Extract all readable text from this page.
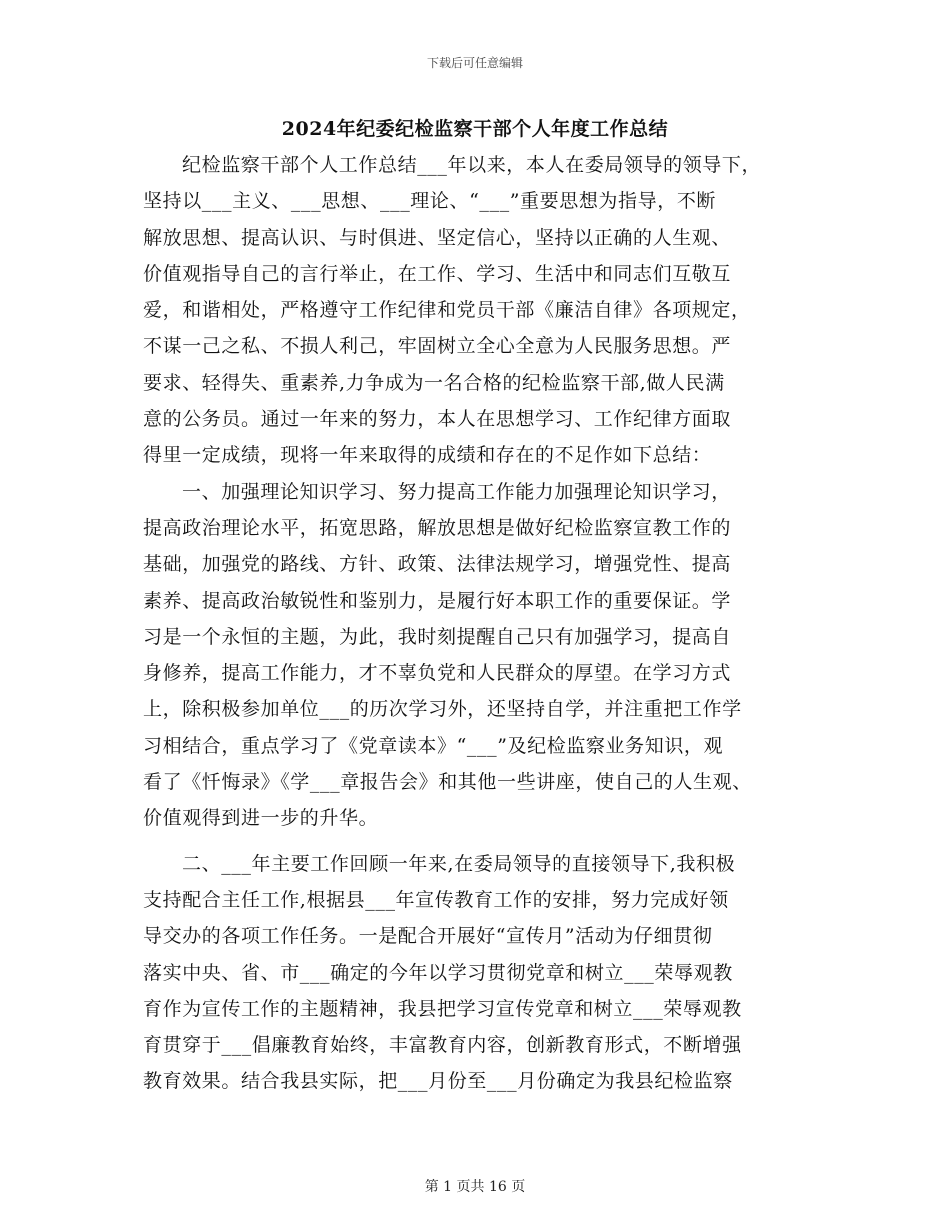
下载后可任意编辑
2024年纪委纪检监察干部个人年度工作总结
纪检监察干部个人工作总结___年以来，本人在委局领导的领导下，
坚持以___主义、___思想、___理论、“___”重要思想为指导，不断
解放思想、提高认识、与时俱进、坚定信心，坚持以正确的人生观、
价值观指导自己的言行举止，在工作、学习、生活中和同志们互敬互
爱，和谐相处，严格遵守工作纪律和党员干部《廉洁自律》各项规定，
不谋一己之私、不损人利己，牢固树立全心全意为人民服务思想。严
要求、轻得失、重素养,力争成为一名合格的纪检监察干部,做人民满
意的公务员。通过一年来的努力，本人在思想学习、工作纪律方面取
得里一定成绩，现将一年来取得的成绩和存在的不足作如下总结：
一、加强理论知识学习、努力提高工作能力加强理论知识学习，
提高政治理论水平，拓宽思路，解放思想是做好纪检监察宣教工作的
基础，加强党的路线、方针、政策、法律法规学习，增强党性、提高
素养、提高政治敏锐性和鉴别力，是履行好本职工作的重要保证。学
习是一个永恒的主题，为此，我时刻提醒自己只有加强学习，提高自
身修养，提高工作能力，才不辜负党和人民群众的厚望。在学习方式
上，除积极参加单位___的历次学习外，还坚持自学，并注重把工作学
习相结合，重点学习了《党章读本》“___”及纪检监察业务知识，观
看了《忏悔录》《学___章报告会》和其他一些讲座，使自己的人生观、
价值观得到进一步的升华。
二、___年主要工作回顾一年来,在委局领导的直接领导下,我积极
支持配合主任工作,根据县___年宣传教育工作的安排，努力完成好领
导交办的各项工作任务。一是配合开展好“宣传月”活动为仔细贯彻
落实中央、省、市___确定的今年以学习贯彻党章和树立___荣辱观教
育作为宣传工作的主题精神，我县把学习宣传党章和树立___荣辱观教
育贯穿于___倡廉教育始终，丰富教育内容，创新教育形式，不断增强
教育效果。结合我县实际，把___月份至___月份确定为我县纪检监察
第 1 页共 16 页
